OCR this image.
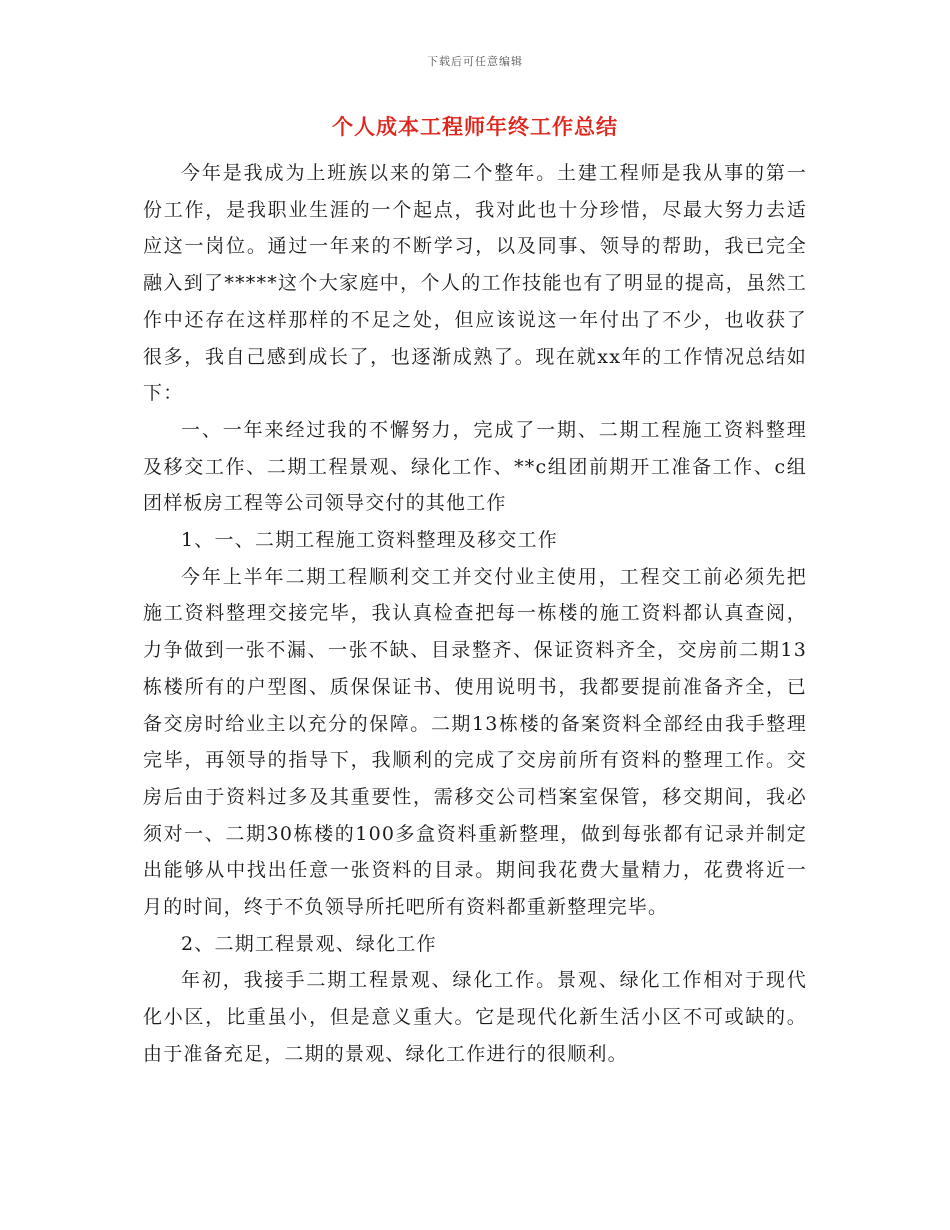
下载后可任意编辑
个人成本工程师年终工作总结

今年是我成为上班族以来的第二个整年。土建工程师是我从事的第一份工作，是我职业生涯的一个起点，我对此也十分珍惜，尽最大努力去适应这一岗位。通过一年来的不断学习，以及同事、领导的帮助，我已完全融入到了*****这个大家庭中，个人的工作技能也有了明显的提高，虽然工作中还存在这样那样的不足之处，但应该说这一年付出了不少，也收获了很多，我自己感到成长了，也逐渐成熟了。现在就xx年的工作情况总结如下：

一、一年来经过我的不懈努力，完成了一期、二期工程施工资料整理及移交工作、二期工程景观、绿化工作、**c组团前期开工准备工作、c组团样板房工程等公司领导交付的其他工作

1、一、二期工程施工资料整理及移交工作

今年上半年二期工程顺利交工并交付业主使用，工程交工前必须先把施工资料整理交接完毕，我认真检查把每一栋楼的施工资料都认真查阅，力争做到一张不漏、一张不缺、目录整齐、保证资料齐全，交房前二期13栋楼所有的户型图、质保保证书、使用说明书，我都要提前准备齐全，已备交房时给业主以充分的保障。二期13栋楼的备案资料全部经由我手整理完毕，再领导的指导下，我顺利的完成了交房前所有资料的整理工作。交房后由于资料过多及其重要性，需移交公司档案室保管，移交期间，我必须对一、二期30栋楼的100多盒资料重新整理，做到每张都有记录并制定出能够从中找出任意一张资料的目录。期间我花费大量精力，花费将近一月的时间，终于不负领导所托吧所有资料都重新整理完毕。

2、二期工程景观、绿化工作

年初，我接手二期工程景观、绿化工作。景观、绿化工作相对于现代化小区，比重虽小，但是意义重大。它是现代化新生活小区不可或缺的。由于准备充足，二期的景观、绿化工作进行的很顺利。
